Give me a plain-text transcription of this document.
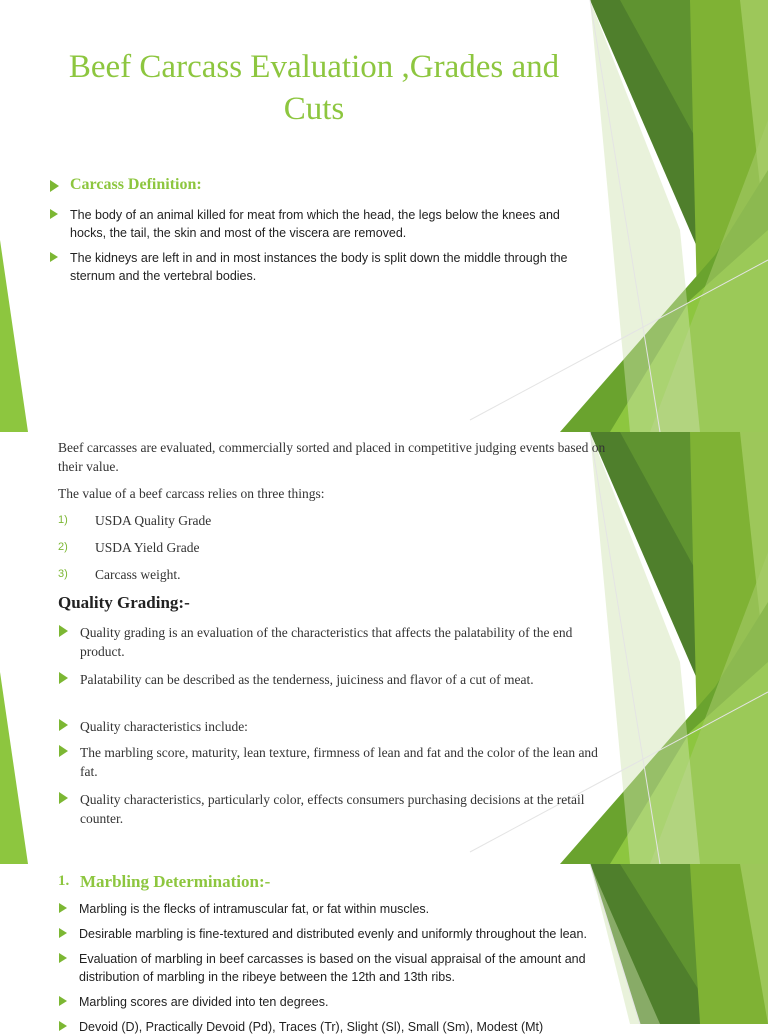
Beef Carcass Evaluation ,Grades and Cuts
Carcass Definition:
The body of an animal killed for meat from which the head, the legs below the knees and hocks, the tail, the skin and most of the viscera are removed.
The kidneys are left in and in most instances the body is split down the middle through the sternum and the vertebral bodies.
Beef carcasses are evaluated, commercially sorted and placed in competitive judging events based on their value.
The value of a beef carcass relies on three things:
1) USDA Quality Grade
2) USDA Yield Grade
3) Carcass weight.
Quality Grading:-
Quality grading is an evaluation of the characteristics that affects the palatability of the end product.
Palatability can be described as the tenderness, juiciness and flavor of a cut of meat.
Quality characteristics include:
The marbling score, maturity, lean texture, firmness of lean and fat and the color of the lean and fat.
Quality characteristics, particularly color, effects consumers purchasing decisions at the retail counter.
1. Marbling Determination:-
Marbling is the flecks of intramuscular fat, or fat within muscles.
Desirable marbling is fine-textured and distributed evenly and uniformly throughout the lean.
Evaluation of marbling in beef carcasses is based on the visual appraisal of the amount and distribution of marbling in the ribeye between the 12th and 13th ribs.
Marbling scores are divided into ten degrees.
Devoid (D), Practically Devoid (Pd), Traces (Tr), Slight (Sl), Small (Sm), Modest (Mt)
